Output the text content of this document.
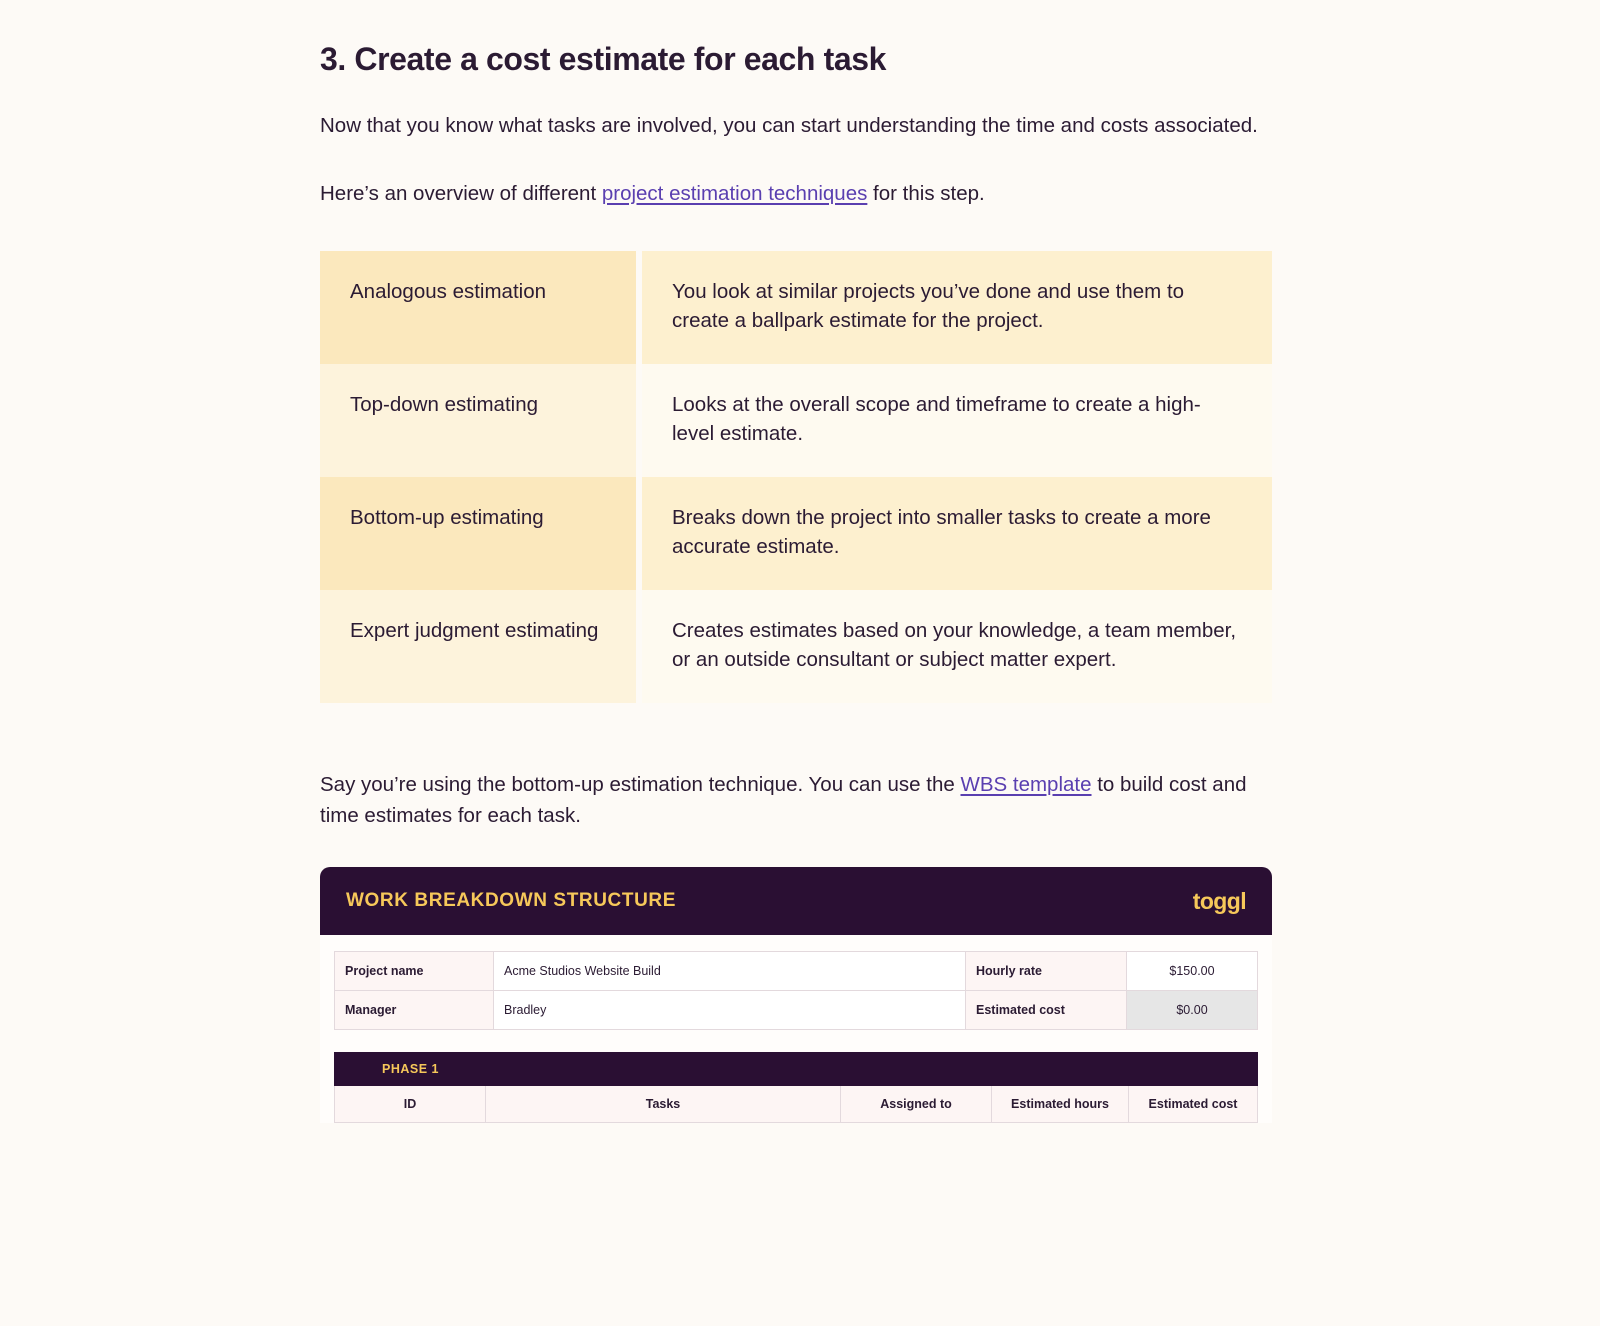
3. Create a cost estimate for each task

Now that you know what tasks are involved, you can start understanding the time and costs associated.

Here’s an overview of different project estimation techniques for this step.

Analogous estimation		You look at similar projects you’ve done and use them to create a ballpark estimate for the project.
Top-down estimating		Looks at the overall scope and timeframe to create a high-level estimate.
Bottom-up estimating		Breaks down the project into smaller tasks to create a more accurate estimate.
Expert judgment estimating		Creates estimates based on your knowledge, a team member, or an outside consultant or subject matter expert.

Say you’re using the bottom-up estimation technique. You can use the WBS template to build cost and time estimates for each task.

WORK BREAKDOWN STRUCTURE	toggl
Project name	Acme Studios Website Build	Hourly rate	$150.00
Manager	Bradley	Estimated cost	$0.00
PHASE 1
ID	Tasks	Assigned to	Estimated hours	Estimated cost
